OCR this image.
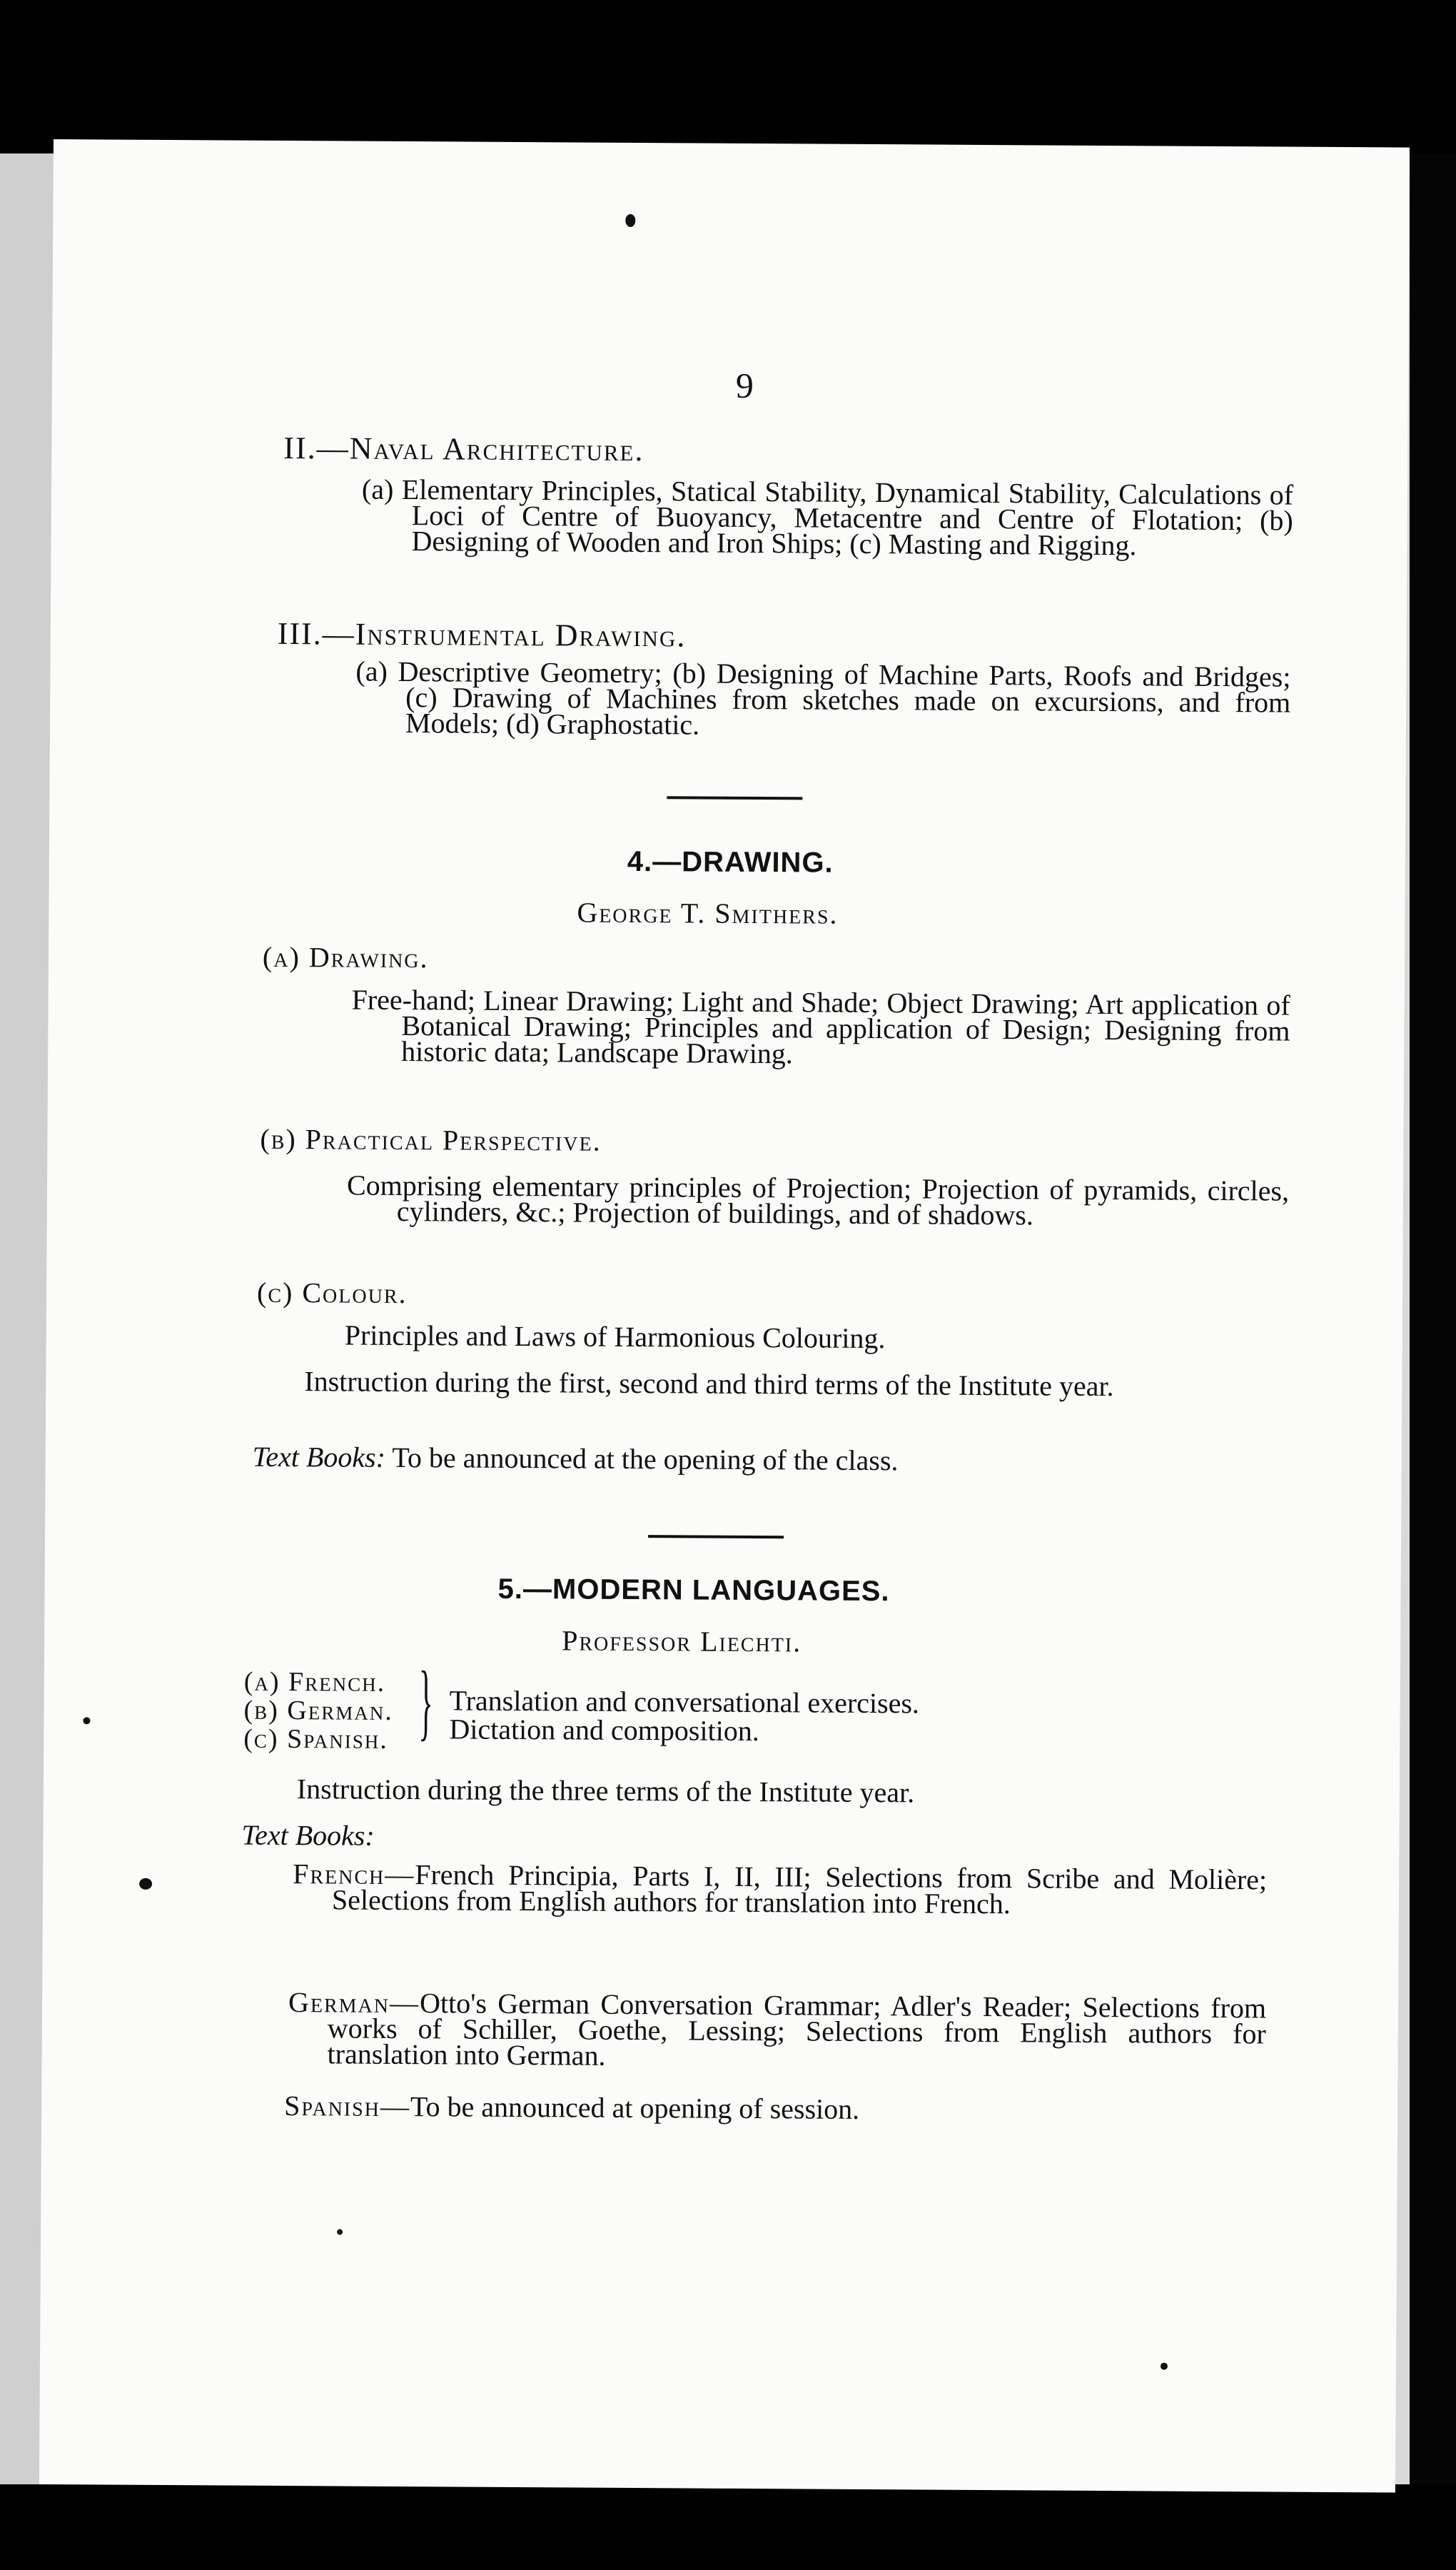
9
II.—Naval Architecture.
(a) Elementary Principles, Statical Stability, Dynamical Stability, Calculations of Loci of Centre of Buoyancy, Metacentre and Centre of Flotation; (b) Designing of Wooden and Iron Ships; (c) Masting and Rigging.
III.—Instrumental Drawing.
(a) Descriptive Geometry; (b) Designing of Machine Parts, Roofs and Bridges; (c) Drawing of Machines from sketches made on excursions, and from Models; (d) Graphostatic.
4.—DRAWING.
George T. Smithers.
(a) Drawing.
Free-hand; Linear Drawing; Light and Shade; Object Drawing; Art application of Botanical Drawing; Principles and application of Design; Designing from historic data; Landscape Drawing.
(b) Practical Perspective.
Comprising elementary principles of Projection; Projection of pyramids, circles, cylinders, &c.; Projection of buildings, and of shadows.
(c) Colour.
Principles and Laws of Harmonious Colouring.
Instruction during the first, second and third terms of the Institute year.
Text Books: To be announced at the opening of the class.
5.—MODERN LANGUAGES.
Professor Liechti.
(a) French.
(b) German.
(c) Spanish. } Translation and conversational exercises.
Dictation and composition.
Instruction during the three terms of the Institute year.
Text Books:
French—French Principia, Parts I, II, III; Selections from Scribe and Molière; Selections from English authors for translation into French.
German—Otto's German Conversation Grammar; Adler's Reader; Selections from works of Schiller, Goethe, Lessing; Selections from English authors for translation into German.
Spanish—To be announced at opening of session.
